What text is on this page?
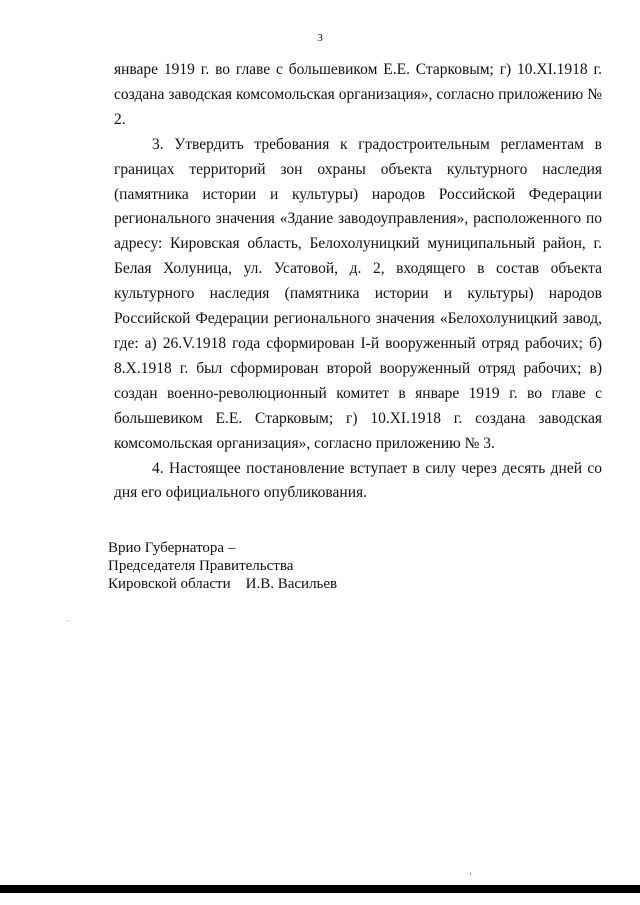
3

январе 1919 г. во главе с большевиком Е.Е. Старковым; г) 10.XI.1918 г. создана заводская комсомольская организация», согласно приложению № 2.

3. Утвердить требования к градостроительным регламентам в границах территорий зон охраны объекта культурного наследия (памятника истории и культуры) народов Российской Федерации регионального значения «Здание заводоуправления», расположенного по адресу: Кировская область, Белохолуницкий муниципальный район, г. Белая Холуница, ул. Усатовой, д. 2, входящего в состав объекта культурного наследия (памятника истории и культуры) народов Российской Федерации регионального значения «Белохолуницкий завод, где: а) 26.V.1918 года сформирован I-й вооруженный отряд рабочих; б) 8.X.1918 г. был сформирован второй вооруженный отряд рабочих; в) создан военно-революционный комитет в январе 1919 г. во главе с большевиком Е.Е. Старковым; г) 10.XI.1918 г. создана заводская комсомольская организация», согласно приложению № 3.

4. Настоящее постановление вступает в силу через десять дней со дня его официального опубликования.

Врио Губернатора –
Председателя Правительства
Кировской области    И.В. Васильев
